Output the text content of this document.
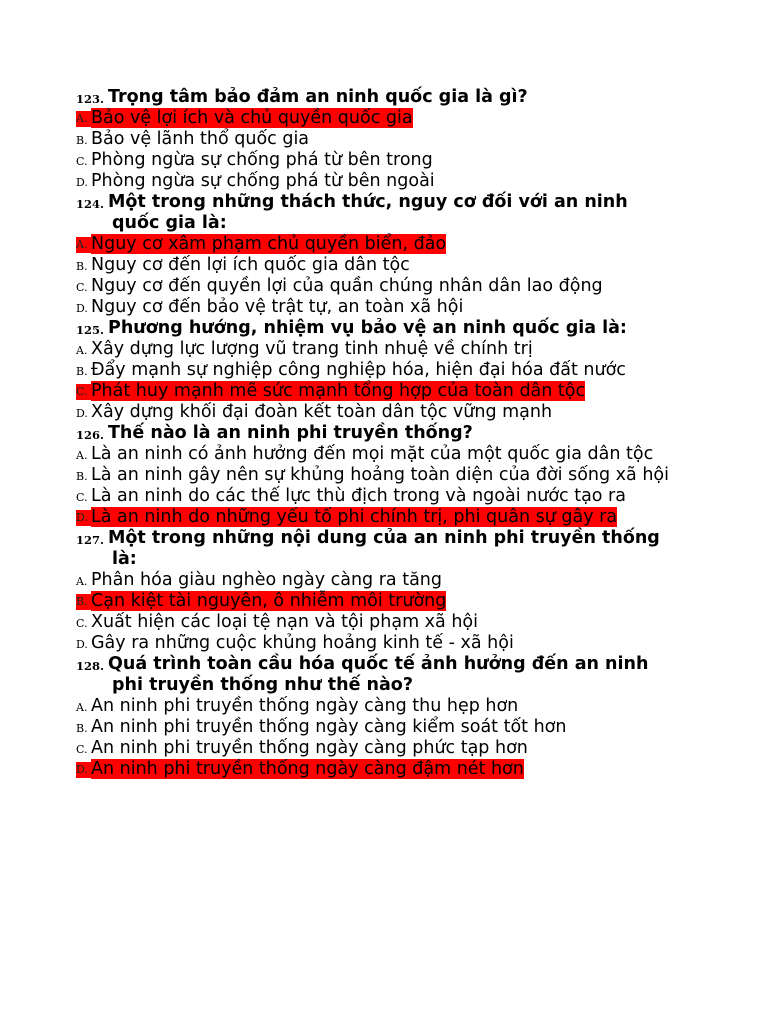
123. Trọng tâm bảo đảm an ninh quốc gia là gì?
A. Bảo vệ lợi ích và chủ quyền quốc gia
B. Bảo vệ lãnh thổ quốc gia
C. Phòng ngừa sự chống phá từ bên trong
D. Phòng ngừa sự chống phá từ bên ngoài
124. Một trong những thách thức, nguy cơ đối với an ninh quốc gia là:
A. Nguy cơ xâm phạm chủ quyền biển, đảo
B. Nguy cơ đến lợi ích quốc gia dân tộc
C. Nguy cơ đến quyền lợi của quần chúng nhân dân lao động
D. Nguy cơ đến bảo vệ trật tự, an toàn xã hội
125. Phương hướng, nhiệm vụ bảo vệ an ninh quốc gia là:
A. Xây dựng lực lượng vũ trang tinh nhuệ về chính trị
B. Đẩy mạnh sự nghiệp công nghiệp hóa, hiện đại hóa đất nước
C. Phát huy mạnh mẽ sức mạnh tổng hợp của toàn dân tộc
D. Xây dựng khối đại đoàn kết toàn dân tộc vững mạnh
126. Thế nào là an ninh phi truyền thống?
A. Là an ninh có ảnh hưởng đến mọi mặt của một quốc gia dân tộc
B. Là an ninh gây nên sự khủng hoảng toàn diện của đời sống xã hội
C. Là an ninh do các thế lực thù địch trong và ngoài nước tạo ra
D. Là an ninh do những yếu tố phi chính trị, phi quân sự gây ra
127. Một trong những nội dung của an ninh phi truyền thống là:
A. Phân hóa giàu nghèo ngày càng ra tăng
B. Cạn kiệt tài nguyên, ô nhiễm môi trường
C. Xuất hiện các loại tệ nạn và tội phạm xã hội
D. Gây ra những cuộc khủng hoảng kinh tế - xã hội
128. Quá trình toàn cầu hóa quốc tế ảnh hưởng đến an ninh phi truyền thống như thế nào?
A. An ninh phi truyền thống ngày càng thu hẹp hơn
B. An ninh phi truyền thống ngày càng kiểm soát tốt hơn
C. An ninh phi truyền thống ngày càng phức tạp hơn
D. An ninh phi truyền thống ngày càng đậm nét hơn
